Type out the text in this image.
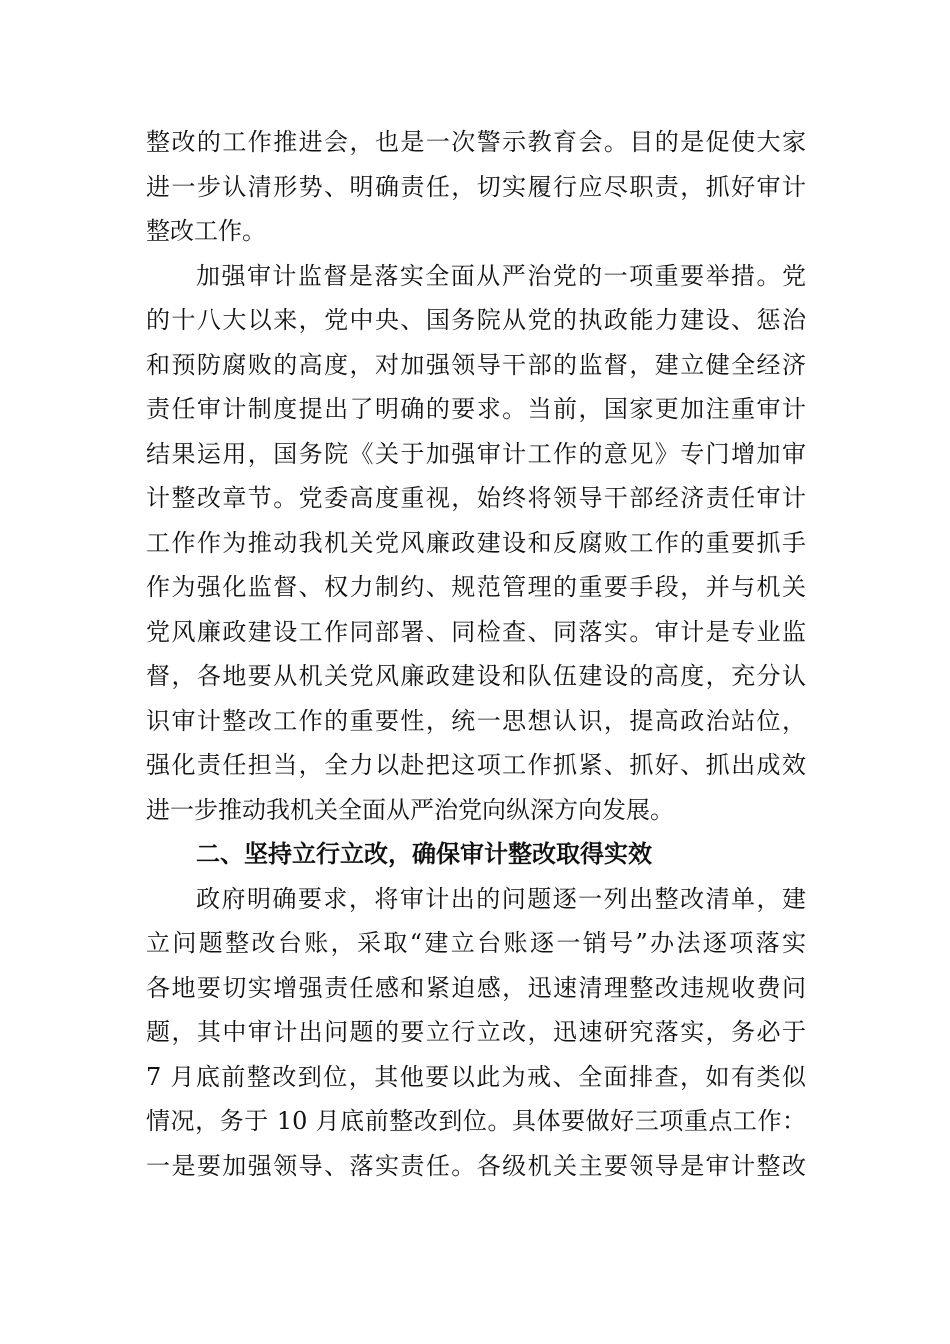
整改的工作推进会，也是一次警示教育会。目的是促使大家
进一步认清形势、明确责任，切实履行应尽职责，抓好审计
整改工作。
加强审计监督是落实全面从严治党的一项重要举措。党
的十八大以来，党中央、国务院从党的执政能力建设、惩治
和预防腐败的高度，对加强领导干部的监督，建立健全经济
责任审计制度提出了明确的要求。当前，国家更加注重审计
结果运用，国务院《关于加强审计工作的意见》专门增加审
计整改章节。党委高度重视，始终将领导干部经济责任审计
工作作为推动我机关党风廉政建设和反腐败工作的重要抓手
作为强化监督、权力制约、规范管理的重要手段，并与机关
党风廉政建设工作同部署、同检查、同落实。审计是专业监
督，各地要从机关党风廉政建设和队伍建设的高度，充分认
识审计整改工作的重要性，统一思想认识，提高政治站位，
强化责任担当，全力以赴把这项工作抓紧、抓好、抓出成效
进一步推动我机关全面从严治党向纵深方向发展。
二、坚持立行立改，确保审计整改取得实效
政府明确要求，将审计出的问题逐一列出整改清单，建
立问题整改台账，采取“建立台账逐一销号”办法逐项落实
各地要切实增强责任感和紧迫感，迅速清理整改违规收费问
题，其中审计出问题的要立行立改，迅速研究落实，务必于
7 月底前整改到位，其他要以此为戒、全面排查，如有类似
情况，务于 10 月底前整改到位。具体要做好三项重点工作：
一是要加强领导、落实责任。各级机关主要领导是审计整改
